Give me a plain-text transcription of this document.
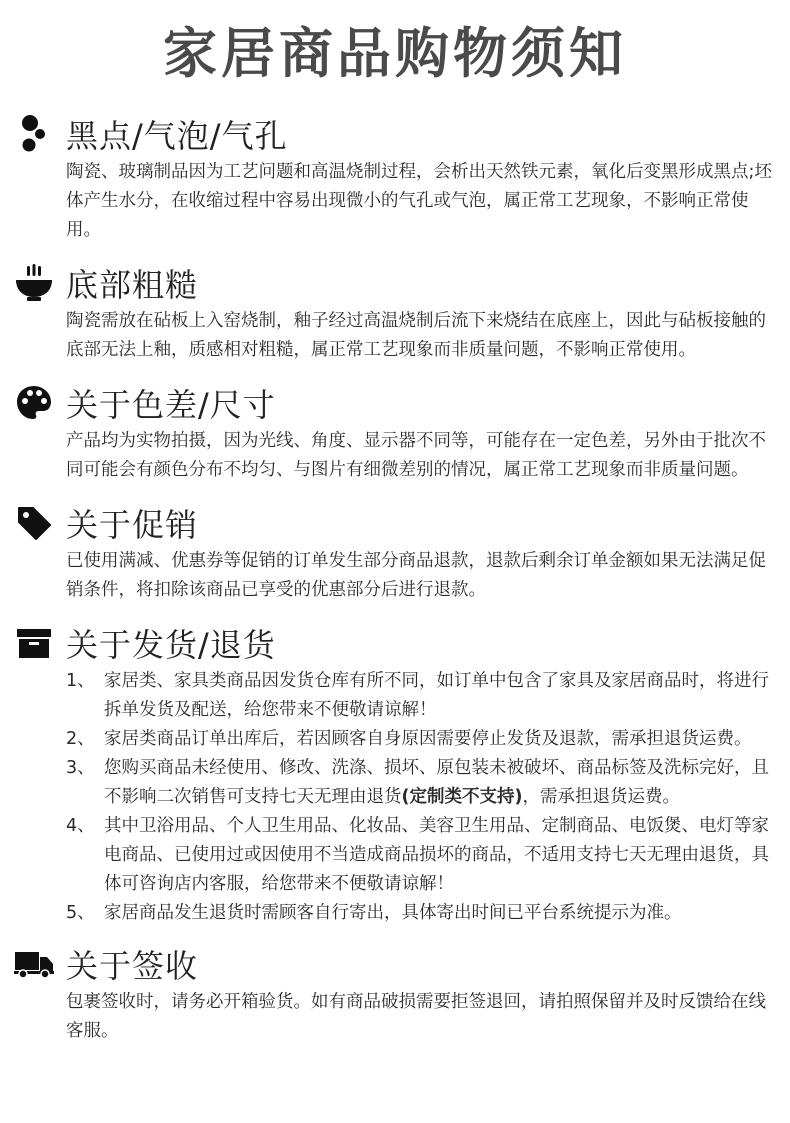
家居商品购物须知
黑点/气泡/气孔
陶瓷、玻璃制品因为工艺问题和高温烧制过程，会析出天然铁元素，氧化后变黑形成黑点;坯体产生水分，在收缩过程中容易出现微小的气孔或气泡，属正常工艺现象，不影响正常使用。
底部粗糙
陶瓷需放在砧板上入窑烧制，釉子经过高温烧制后流下来烧结在底座上，因此与砧板接触的底部无法上釉，质感相对粗糙，属正常工艺现象而非质量问题，不影响正常使用。
关于色差/尺寸
产品均为实物拍摄，因为光线、角度、显示器不同等，可能存在一定色差，另外由于批次不同可能会有颜色分布不均匀、与图片有细微差别的情况，属正常工艺现象而非质量问题。
关于促销
已使用满减、优惠券等促销的订单发生部分商品退款，退款后剩余订单金额如果无法满足促销条件，将扣除该商品已享受的优惠部分后进行退款。
关于发货/退货
1、 家居类、家具类商品因发货仓库有所不同，如订单中包含了家具及家居商品时，将进行拆单发货及配送，给您带来不便敬请谅解！
2、 家居类商品订单出库后，若因顾客自身原因需要停止发货及退款，需承担退货运费。
3、 您购买商品未经使用、修改、洗涤、损坏、原包装未被破坏、商品标签及洗标完好，且不影响二次销售可支持七天无理由退货(定制类不支持)，需承担退货运费。
4、 其中卫浴用品、个人卫生用品、化妆品、美容卫生用品、定制商品、电饭煲、电灯等家电商品、已使用过或因使用不当造成商品损坏的商品，不适用支持七天无理由退货，具体可咨询店内客服，给您带来不便敬请谅解！
5、 家居商品发生退货时需顾客自行寄出，具体寄出时间已平台系统提示为准。
关于签收
包裹签收时，请务必开箱验货。如有商品破损需要拒签退回，请拍照保留并及时反馈给在线客服。
